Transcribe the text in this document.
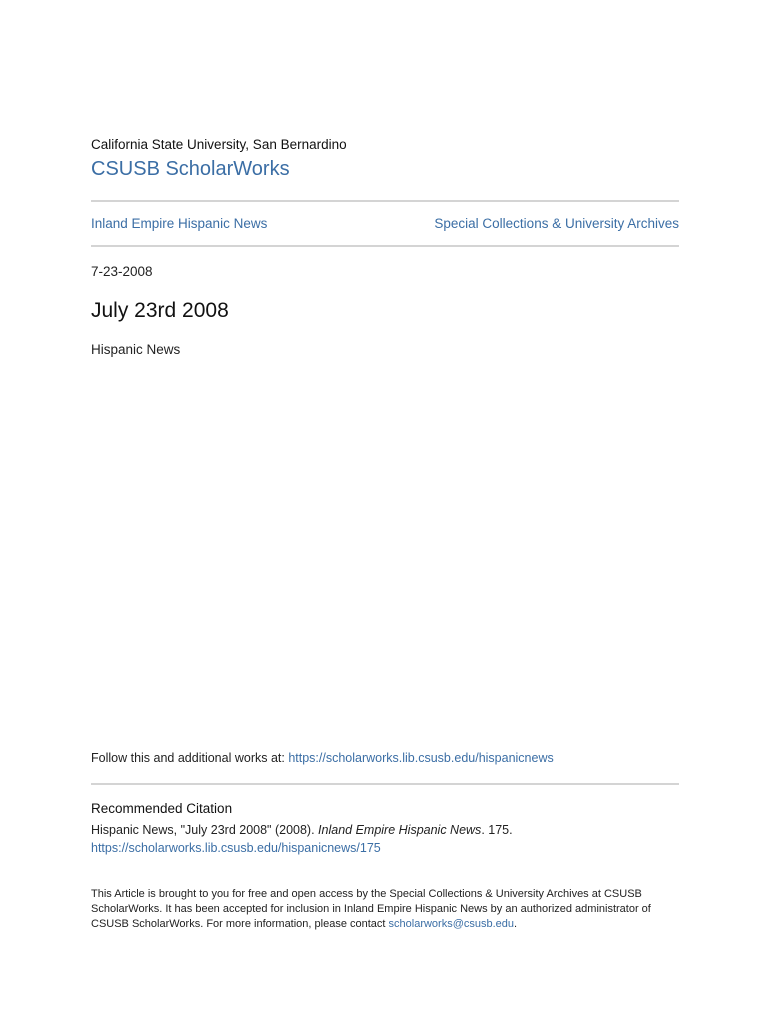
California State University, San Bernardino
CSUSB ScholarWorks
Inland Empire Hispanic News	Special Collections & University Archives
7-23-2008
July 23rd 2008
Hispanic News
Follow this and additional works at: https://scholarworks.lib.csusb.edu/hispanicnews
Recommended Citation
Hispanic News, "July 23rd 2008" (2008). Inland Empire Hispanic News. 175.
https://scholarworks.lib.csusb.edu/hispanicnews/175
This Article is brought to you for free and open access by the Special Collections & University Archives at CSUSB
ScholarWorks. It has been accepted for inclusion in Inland Empire Hispanic News by an authorized administrator of
CSUSB ScholarWorks. For more information, please contact scholarworks@csusb.edu.
